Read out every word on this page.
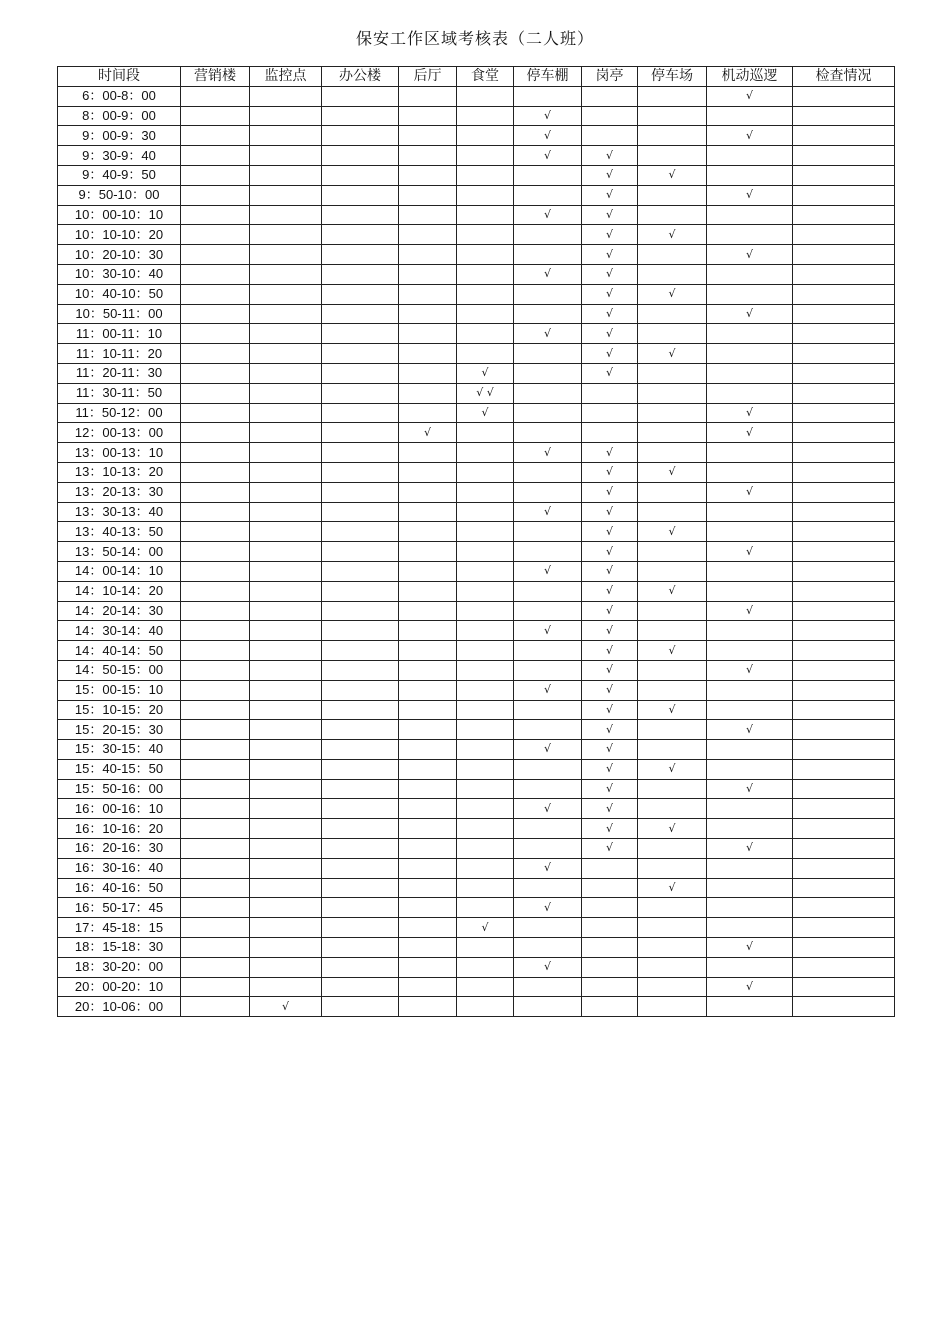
保安工作区域考核表（二人班）
时间段	营销楼	监控点	办公楼	后厅	食堂	停车棚	岗亭	停车场	机动巡逻	检查情况
6：00-8：00									√	
8：00-9：00						√				
9：00-9：30						√			√	
9：30-9：40						√	√			
9：40-9：50							√	√		
9：50-10：00							√		√	
10：00-10：10						√	√			
10：10-10：20							√	√		
10：20-10：30							√		√	
10：30-10：40						√	√			
10：40-10：50							√	√		
10：50-11：00							√		√	
11：00-11：10						√	√			
11：10-11：20							√	√		
11：20-11：30					√		√			
11：30-11：50					√ √					
11：50-12：00					√				√	
12：00-13：00				√					√	
13：00-13：10						√	√			
13：10-13：20							√	√		
13：20-13：30							√		√	
13：30-13：40						√	√			
13：40-13：50							√	√		
13：50-14：00							√		√	
14：00-14：10						√	√			
14：10-14：20							√	√		
14：20-14：30							√		√	
14：30-14：40						√	√			
14：40-14：50							√	√		
14：50-15：00							√		√	
15：00-15：10						√	√			
15：10-15：20							√	√		
15：20-15：30							√		√	
15：30-15：40						√	√			
15：40-15：50							√	√		
15：50-16：00							√		√	
16：00-16：10						√	√			
16：10-16：20							√	√		
16：20-16：30							√		√	
16：30-16：40						√				
16：40-16：50								√		
16：50-17：45						√				
17：45-18：15					√					
18：15-18：30									√	
18：30-20：00						√				
20：00-20：10									√	
20：10-06：00		√								
